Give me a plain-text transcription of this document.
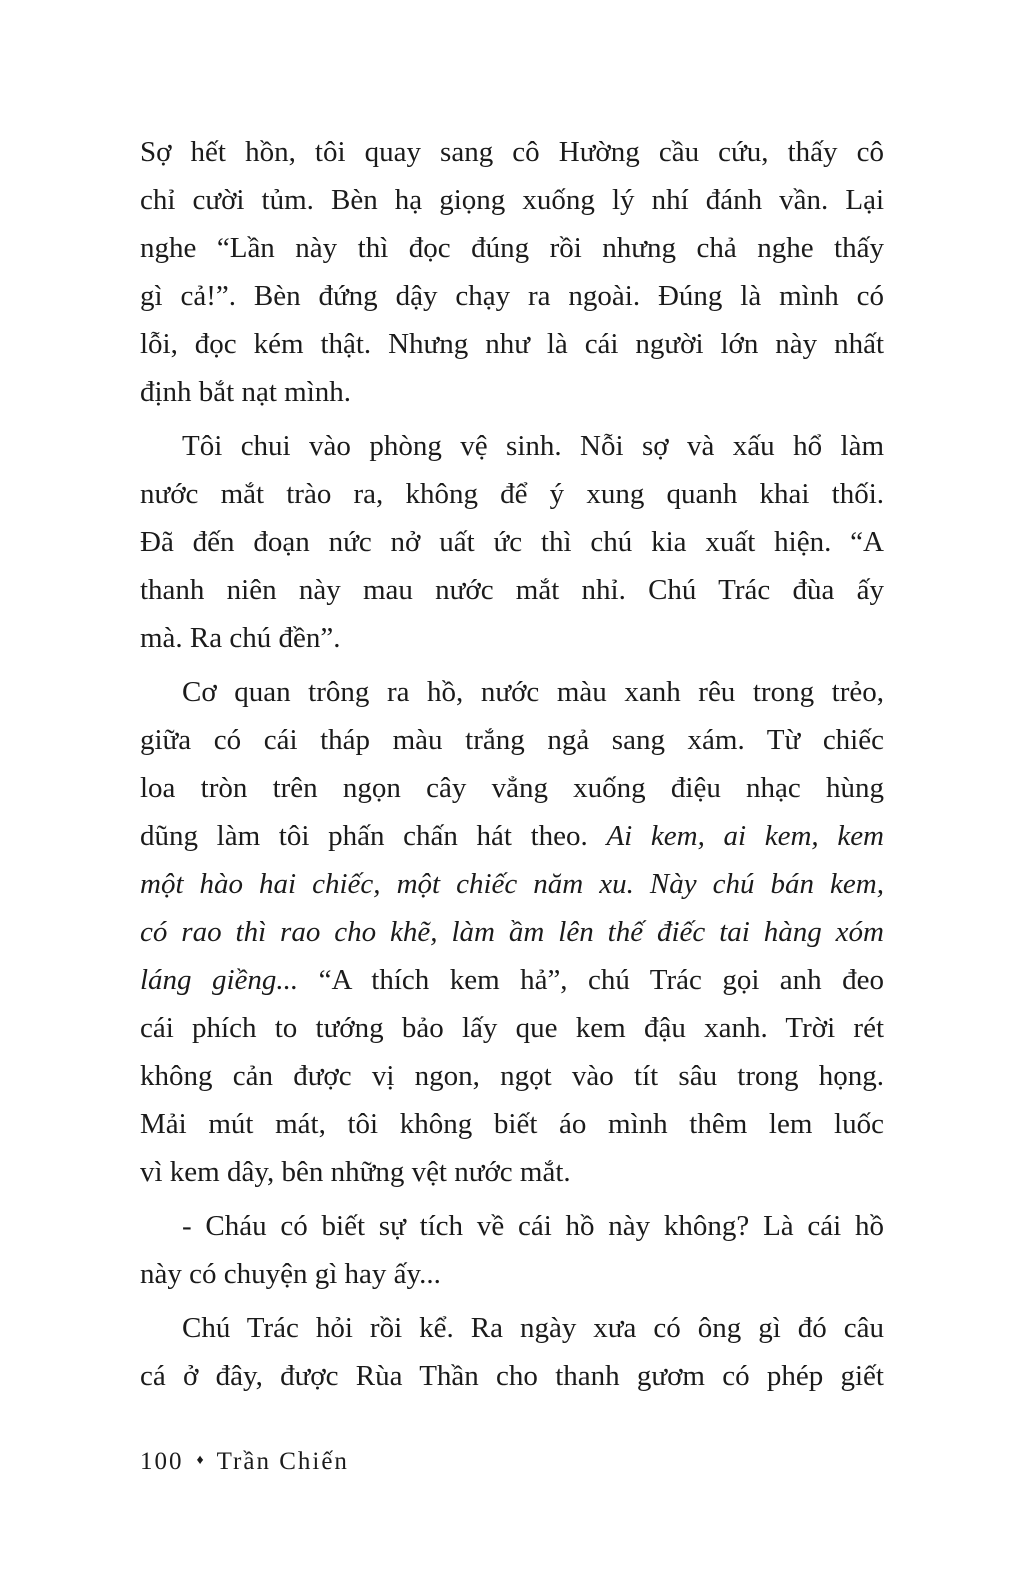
Sợ hết hồn, tôi quay sang cô Hường cầu cứu, thấy cô
chỉ cười tủm. Bèn hạ giọng xuống lý nhí đánh vần. Lại
nghe “Lần này thì đọc đúng rồi nhưng chả nghe thấy
gì cả!”. Bèn đứng dậy chạy ra ngoài. Đúng là mình có
lỗi, đọc kém thật. Nhưng như là cái người lớn này nhất
định bắt nạt mình.

Tôi chui vào phòng vệ sinh. Nỗi sợ và xấu hổ làm
nước mắt trào ra, không để ý xung quanh khai thối.
Đã đến đoạn nức nở uất ức thì chú kia xuất hiện. “A
thanh niên này mau nước mắt nhỉ. Chú Trác đùa ấy
mà. Ra chú đền”.

Cơ quan trông ra hồ, nước màu xanh rêu trong trẻo,
giữa có cái tháp màu trắng ngả sang xám. Từ chiếc
loa tròn trên ngọn cây vẳng xuống điệu nhạc hùng
dũng làm tôi phấn chấn hát theo. Ai kem, ai kem, kem
một hào hai chiếc, một chiếc năm xu. Này chú bán kem,
có rao thì rao cho khẽ, làm ầm lên thế điếc tai hàng xóm
láng giềng... “A thích kem hả”, chú Trác gọi anh đeo
cái phích to tướng bảo lấy que kem đậu xanh. Trời rét
không cản được vị ngon, ngọt vào tít sâu trong họng.
Mải mút mát, tôi không biết áo mình thêm lem luốc
vì kem dây, bên những vệt nước mắt.

- Cháu có biết sự tích về cái hồ này không? Là cái hồ
này có chuyện gì hay ấy...

Chú Trác hỏi rồi kể. Ra ngày xưa có ông gì đó câu
cá ở đây, được Rùa Thần cho thanh gươm có phép giết

100 ♦ Trần Chiến
